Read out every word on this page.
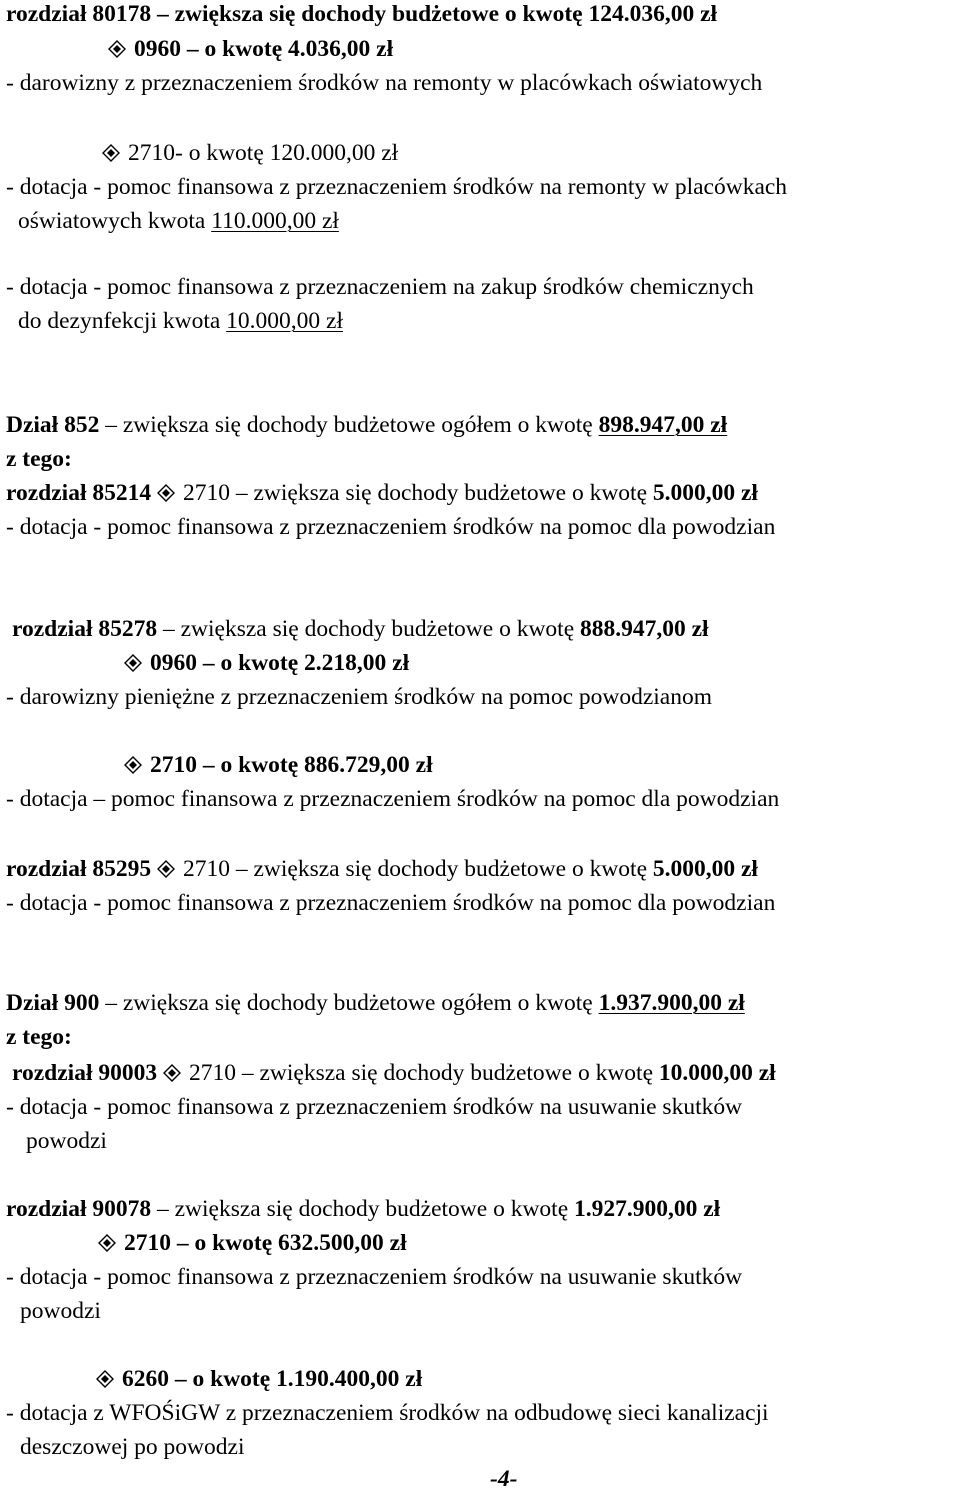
rozdział 80178 – zwiększa się dochody budżetowe o kwotę 124.036,00 zł
0960 – o kwotę 4.036,00 zł
- darowizny z przeznaczeniem środków na remonty w placówkach oświatowych
2710- o kwotę 120.000,00 zł
- dotacja - pomoc finansowa z przeznaczeniem środków na remonty w placówkach
oświatowych kwota 110.000,00 zł
- dotacja - pomoc finansowa z przeznaczeniem na zakup środków chemicznych
do dezynfekcji kwota 10.000,00 zł
Dział 852 – zwiększa się dochody budżetowe ogółem o kwotę 898.947,00 zł
z tego:
rozdział 85214 2710 – zwiększa się dochody budżetowe o kwotę 5.000,00 zł
- dotacja - pomoc finansowa z przeznaczeniem środków na pomoc dla powodzian
rozdział 85278 – zwiększa się dochody budżetowe o kwotę 888.947,00 zł
0960 – o kwotę 2.218,00 zł
- darowizny pieniężne z przeznaczeniem środków na pomoc powodzianom
2710 – o kwotę 886.729,00 zł
- dotacja – pomoc finansowa z przeznaczeniem środków na pomoc dla powodzian
rozdział 85295 2710 – zwiększa się dochody budżetowe o kwotę 5.000,00 zł
- dotacja - pomoc finansowa z przeznaczeniem środków na pomoc dla powodzian
Dział 900 – zwiększa się dochody budżetowe ogółem o kwotę 1.937.900,00 zł
z tego:
rozdział 90003 2710 – zwiększa się dochody budżetowe o kwotę 10.000,00 zł
- dotacja - pomoc finansowa z przeznaczeniem środków na usuwanie skutków
powodzi
rozdział 90078 – zwiększa się dochody budżetowe o kwotę 1.927.900,00 zł
2710 – o kwotę 632.500,00 zł
- dotacja - pomoc finansowa z przeznaczeniem środków na usuwanie skutków
powodzi
6260 – o kwotę 1.190.400,00 zł
- dotacja z WFOŚiGW z przeznaczeniem środków na odbudowę sieci kanalizacji
deszczowej po powodzi
-4-
